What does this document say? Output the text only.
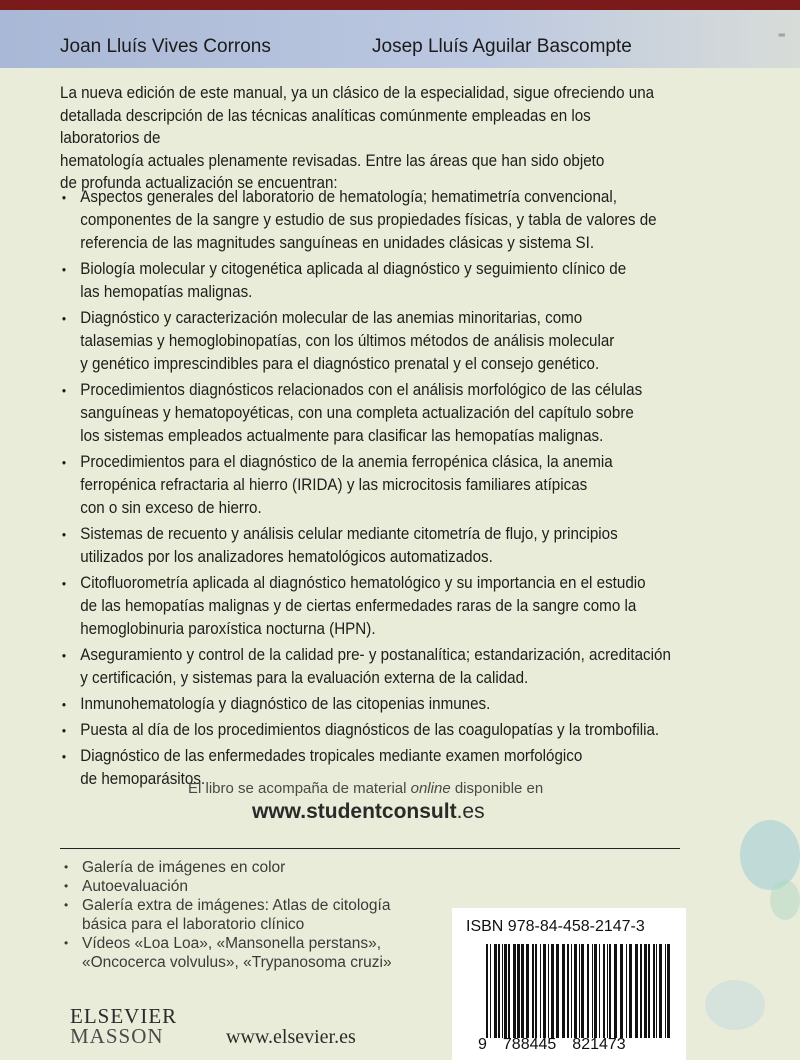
Joan Lluís Vives Corrons	Josep Lluís Aguilar Bascompte	⁼
La nueva edición de este manual, ya un clásico de la especialidad, sigue ofreciendo una
detallada descripción de las técnicas analíticas comúnmente empleadas en los laboratorios de
hematología actuales plenamente revisadas. Entre las áreas que han sido objeto
de profunda actualización se encuentran:
• Aspectos generales del laboratorio de hematología; hematimetría convencional,
componentes de la sangre y estudio de sus propiedades físicas, y tabla de valores de
referencia de las magnitudes sanguíneas en unidades clásicas y sistema SI.
• Biología molecular y citogenética aplicada al diagnóstico y seguimiento clínico de
las hemopatías malignas.
• Diagnóstico y caracterización molecular de las anemias minoritarias, como
talasemias y hemoglobinopatías, con los últimos métodos de análisis molecular
y genético imprescindibles para el diagnóstico prenatal y el consejo genético.
• Procedimientos diagnósticos relacionados con el análisis morfológico de las células
sanguíneas y hematopoyéticas, con una completa actualización del capítulo sobre
los sistemas empleados actualmente para clasificar las hemopatías malignas.
• Procedimientos para el diagnóstico de la anemia ferropénica clásica, la anemia
ferropénica refractaria al hierro (IRIDA) y las microcitosis familiares atípicas
con o sin exceso de hierro.
• Sistemas de recuento y análisis celular mediante citometría de flujo, y principios
utilizados por los analizadores hematológicos automatizados.
• Citofluorometría aplicada al diagnóstico hematológico y su importancia en el estudio
de las hemopatías malignas y de ciertas enfermedades raras de la sangre como la
hemoglobinuria paroxística nocturna (HPN).
• Aseguramiento y control de la calidad pre- y postanalítica; estandarización, acreditación
y certificación, y sistemas para la evaluación externa de la calidad.
• Inmunohematología y diagnóstico de las citopenias inmunes.
• Puesta al día de los procedimientos diagnósticos de las coagulopatías y la trombofilia.
• Diagnóstico de las enfermedades tropicales mediante examen morfológico
de hemoparásitos.
El libro se acompaña de material online disponible en
www.studentconsult.es
• Galería de imágenes en color
• Autoevaluación
• Galería extra de imágenes: Atlas de citología
básica para el laboratorio clínico
• Vídeos «Loa Loa», «Mansonella perstans»,
«Oncocerca volvulus», «Trypanosoma cruzi»
ELSEVIER
MASSON	www.elsevier.es
ISBN 978-84-458-2147-3
9 788445 821473
